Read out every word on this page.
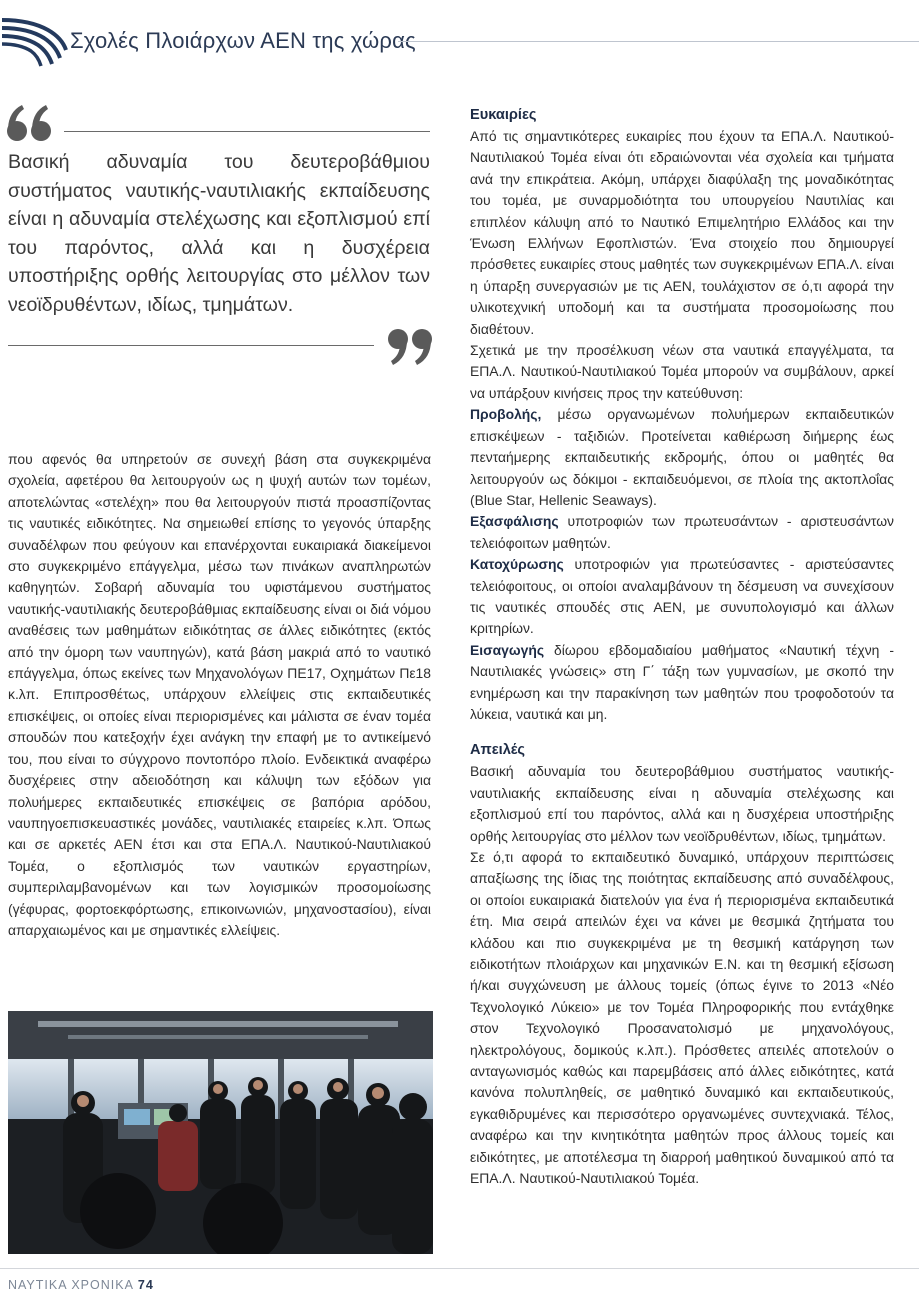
Σχολές Πλοιάρχων ΑΕΝ της χώρας

Βασική αδυναμία του δευτεροβάθμιου συστήματος ναυτικής-ναυτιλιακής εκπαίδευσης είναι η αδυναμία στελέχωσης και εξοπλισμού επί του παρόντος, αλλά και η δυσχέρεια υποστήριξης ορθής λειτουργίας στο μέλλον των νεοϊδρυθέντων, ιδίως, τμημάτων.

που αφενός θα υπηρετούν σε συνεχή βάση στα συγκεκριμένα σχολεία, αφετέρου θα λειτουργούν ως η ψυχή αυτών των τομέων, αποτελώντας «στελέχη» που θα λειτουργούν πιστά προασπίζοντας τις ναυτικές ειδικότητες. Να σημειωθεί επίσης το γεγονός ύπαρξης συναδέλφων που φεύγουν και επανέρχονται ευκαιριακά διακείμενοι στο συγκεκριμένο επάγγελμα, μέσω των πινάκων αναπληρωτών καθηγητών. Σοβαρή αδυναμία του υφιστάμενου συστήματος ναυτικής-ναυτιλιακής δευτεροβάθμιας εκπαίδευσης είναι οι διά νόμου αναθέσεις των μαθημάτων ειδικότητας σε άλλες ειδικότητες (εκτός από την όμορη των ναυπηγών), κατά βάση μακριά από το ναυτικό επάγγελμα, όπως εκείνες των Μηχανολόγων ΠΕ17, Οχημάτων Πε18 κ.λπ. Επιπροσθέτως, υπάρχουν ελλείψεις στις εκπαιδευτικές επισκέψεις, οι οποίες είναι περιορισμένες και μάλιστα σε έναν τομέα σπουδών που κατεξοχήν έχει ανάγκη την επαφή με το αντικείμενό του, που είναι το σύγχρονο ποντοπόρο πλοίο. Ενδεικτικά αναφέρω δυσχέρειες στην αδειοδότηση και κάλυψη των εξόδων για πολυήμερες εκπαιδευτικές επισκέψεις σε βαπόρια αρόδου, ναυπηγοεπισκευαστικές μονάδες, ναυτιλιακές εταιρείες κ.λπ. Όπως και σε αρκετές ΑΕΝ έτσι και στα ΕΠΑ.Λ. Ναυτικού-Ναυτιλιακού Τομέα, ο εξοπλισμός των ναυτικών εργαστηρίων, συμπεριλαμβανομένων και των λογισμικών προσομοίωσης (γέφυρας, φορτοεκφόρτωσης, επικοινωνιών, μηχανοστασίου), είναι απαρχαιωμένος και με σημαντικές ελλείψεις.

Ευκαιρίες

Από τις σημαντικότερες ευκαιρίες που έχουν τα ΕΠΑ.Λ. Ναυτικού-Ναυτιλιακού Τομέα είναι ότι εδραιώνονται νέα σχολεία και τμήματα ανά την επικράτεια. Ακόμη, υπάρχει διαφύλαξη της μοναδικότητας του τομέα, με συναρμοδιότητα του υπουργείου Ναυτιλίας και επιπλέον κάλυψη από το Ναυτικό Επιμελητήριο Ελλάδος και την Ένωση Ελλήνων Εφοπλιστών. Ένα στοιχείο που δημιουργεί πρόσθετες ευκαιρίες στους μαθητές των συγκεκριμένων ΕΠΑ.Λ. είναι η ύπαρξη συνεργασιών με τις ΑΕΝ, τουλάχιστον σε ό,τι αφορά την υλικοτεχνική υποδομή και τα συστήματα προσομοίωσης που διαθέτουν.

Σχετικά με την προσέλκυση νέων στα ναυτικά επαγγέλματα, τα ΕΠΑ.Λ. Ναυτικού-Ναυτιλιακού Τομέα μπορούν να συμβάλουν, αρκεί να υπάρξουν κινήσεις προς την κατεύθυνση:

Προβολής, μέσω οργανωμένων πολυήμερων εκπαιδευτικών επισκέψεων - ταξιδιών. Προτείνεται καθιέρωση διήμερης έως πενταήμερης εκπαιδευτικής εκδρομής, όπου οι μαθητές θα λειτουργούν ως δόκιμοι - εκπαιδευόμενοι, σε πλοία της ακτοπλοΐας (Blue Star, Hellenic Seaways).

Εξασφάλισης υποτροφιών των πρωτευσάντων - αριστευσάντων τελειόφοιτων μαθητών.

Κατοχύρωσης υποτροφιών για πρωτεύσαντες - αριστεύσαντες τελειόφοιτους, οι οποίοι αναλαμβάνουν τη δέσμευση να συνεχίσουν τις ναυτικές σπουδές στις ΑΕΝ, με συνυπολογισμό και άλλων κριτηρίων.

Εισαγωγής δίωρου εβδομαδιαίου μαθήματος «Ναυτική τέχνη - Ναυτιλιακές γνώσεις» στη Γ΄ τάξη των γυμνασίων, με σκοπό την ενημέρωση και την παρακίνηση των μαθητών που τροφοδοτούν τα λύκεια, ναυτικά και μη.

Απειλές

Βασική αδυναμία του δευτεροβάθμιου συστήματος ναυτικής-ναυτιλιακής εκπαίδευσης είναι η αδυναμία στελέχωσης και εξοπλισμού επί του παρόντος, αλλά και η δυσχέρεια υποστήριξης ορθής λειτουργίας στο μέλλον των νεοϊδρυθέντων, ιδίως, τμημάτων.

Σε ό,τι αφορά το εκπαιδευτικό δυναμικό, υπάρχουν περιπτώσεις απαξίωσης της ίδιας της ποιότητας εκπαίδευσης από συναδέλφους, οι οποίοι ευκαιριακά διατελούν για ένα ή περιορισμένα εκπαιδευτικά έτη. Μια σειρά απειλών έχει να κάνει με θεσμικά ζητήματα του κλάδου και πιο συγκεκριμένα με τη θεσμική κατάργηση των ειδικοτήτων πλοιάρχων και μηχανικών Ε.Ν. και τη θεσμική εξίσωση ή/και συγχώνευση με άλλους τομείς (όπως έγινε το 2013 «Νέο Τεχνολογικό Λύκειο» με τον Τομέα Πληροφορικής που εντάχθηκε στον Τεχνολογικό Προσανατολισμό με μηχανολόγους, ηλεκτρολόγους, δομικούς κ.λπ.). Πρόσθετες απειλές αποτελούν ο ανταγωνισμός καθώς και παρεμβάσεις από άλλες ειδικότητες, κατά κανόνα πολυπληθείς, σε μαθητικό δυναμικό και εκπαιδευτικούς, εγκαθιδρυμένες και περισσότερο οργανωμένες συντεχνιακά. Τέλος, αναφέρω και την κινητικότητα μαθητών προς άλλους τομείς και ειδικότητες, με αποτέλεσμα τη διαρροή μαθητικού δυναμικού από τα ΕΠΑ.Λ. Ναυτικού-Ναυτιλιακού Τομέα.

ΝΑΥΤΙΚΑ ΧΡΟΝΙΚΑ 74
